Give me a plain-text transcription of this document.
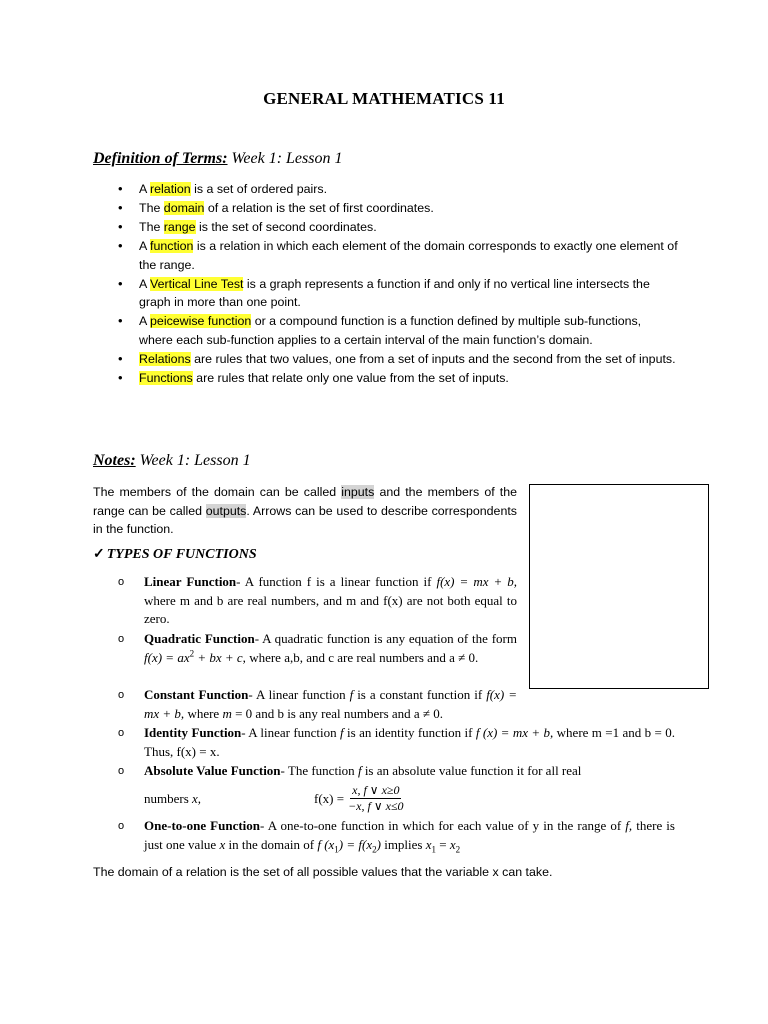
GENERAL MATHEMATICS 11
Definition of Terms: Week 1: Lesson 1
• A relation is a set of ordered pairs.
• The domain of a relation is the set of first coordinates.
• The range is the set of second coordinates.
• A function is a relation in which each element of the domain corresponds to exactly one element of the range.
• A Vertical Line Test is a graph represents a function if and only if no vertical line intersects the graph in more than one point.
• A peicewise function or a compound function is a function defined by multiple sub-functions, where each sub-function applies to a certain interval of the main function’s domain.
• Relations are rules that two values, one from a set of inputs and the second from the set of inputs.
• Functions are rules that relate only one value from the set of inputs.
Notes: Week 1: Lesson 1

The members of the domain can be called inputs and the members of the range can be called outputs. Arrows can be used to describe correspondents in the function.

✓ TYPES OF FUNCTIONS
o Linear Function- A function f is a linear function if f(x) = mx + b, where m and b are real numbers, and m and f(x) are not both equal to zero.
o Quadratic Function- A quadratic function is any equation of the form $f(x) = ax^2$ + bx + c, where a,b, and c are real numbers and a ≠ 0.
o Constant Function- A linear function f is a constant function if f(x) = mx + b, where m = 0 and b is any real numbers and a ≠ 0.
o Identity Function- A linear function f is an identity function if f (x) = mx + b, where m =1 and b = 0. Thus, f(x) = x.
o Absolute Value Function- The function f is an absolute value function it for all real
numbers x,	$f(x) = \frac{x, f \vee x\ge 0}{-x, f \vee x\le 0}$
o One-to-one Function- A one-to-one function in which for each value of y in the range of f, there is just one value x in the domain of f $(x_1) = f(x_2)$ implies $x_1 = x_2$
The domain of a relation is the set of all possible values that the variable x can take.
